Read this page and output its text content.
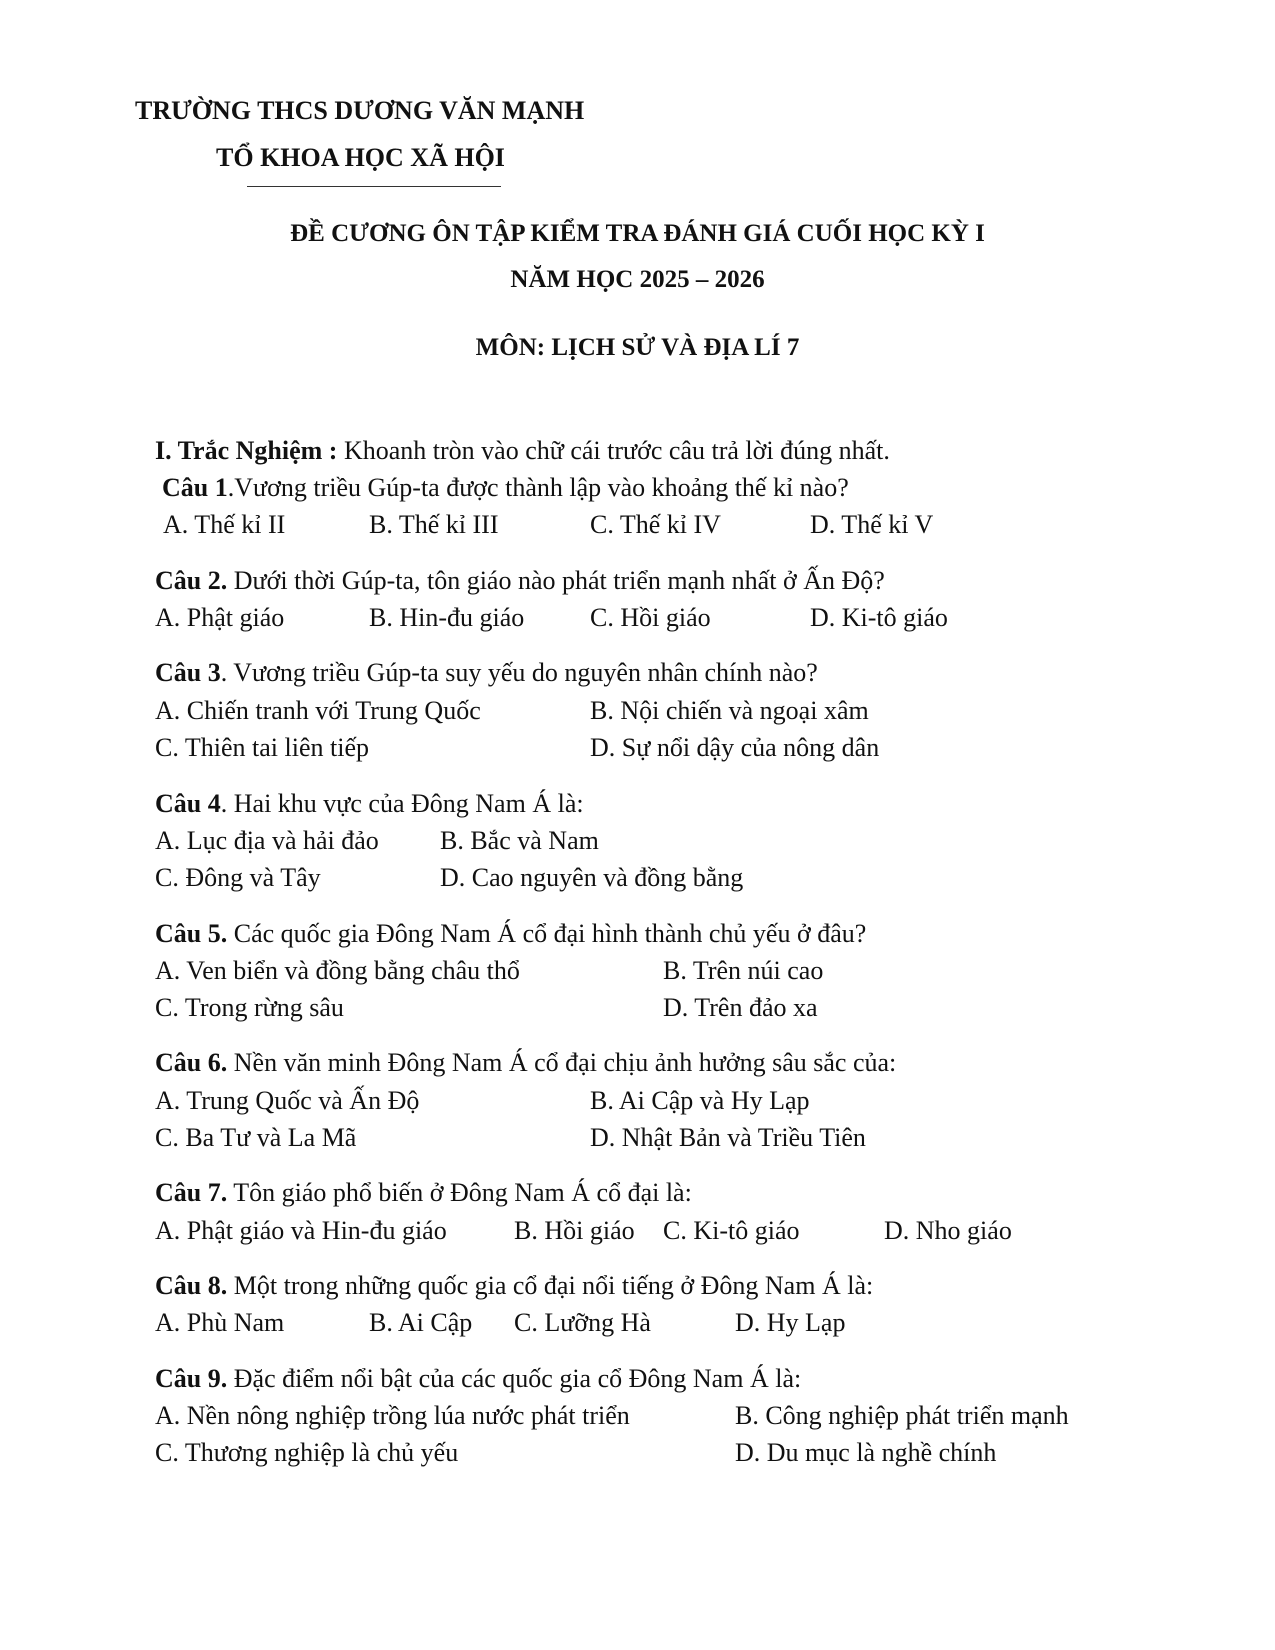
TRƯỜNG THCS DƯƠNG VĂN MẠNH
TỔ KHOA HỌC XÃ HỘI
ĐỀ CƯƠNG ÔN TẬP KIỂM TRA ĐÁNH GIÁ CUỐI HỌC KỲ I
NĂM HỌC 2025 – 2026
MÔN: LỊCH SỬ VÀ ĐỊA LÍ 7
I. Trắc Nghiệm : Khoanh tròn vào chữ cái trước câu trả lời đúng nhất.
Câu 1.Vương triều Gúp-ta được thành lập vào khoảng thế kỉ nào?
A. Thế kỉ II	B. Thế kỉ III	C. Thế kỉ IV	D. Thế kỉ V
Câu 2. Dưới thời Gúp-ta, tôn giáo nào phát triển mạnh nhất ở Ấn Độ?
A. Phật giáo	B. Hin-đu giáo	C. Hồi giáo	D. Ki-tô giáo
Câu 3. Vương triều Gúp-ta suy yếu do nguyên nhân chính nào?
A. Chiến tranh với Trung Quốc	B. Nội chiến và ngoại xâm
C. Thiên tai liên tiếp	D. Sự nổi dậy của nông dân
Câu 4. Hai khu vực của Đông Nam Á là:
A. Lục địa và hải đảo B. Bắc và Nam
C. Đông và Tây	D. Cao nguyên và đồng bằng
Câu 5. Các quốc gia Đông Nam Á cổ đại hình thành chủ yếu ở đâu?
A. Ven biển và đồng bằng châu thổ	B. Trên núi cao
C. Trong rừng sâu	D. Trên đảo xa
Câu 6. Nền văn minh Đông Nam Á cổ đại chịu ảnh hưởng sâu sắc của:
A. Trung Quốc và Ấn Độ	B. Ai Cập và Hy Lạp
C. Ba Tư và La Mã	D. Nhật Bản và Triều Tiên
Câu 7. Tôn giáo phổ biến ở Đông Nam Á cổ đại là:
A. Phật giáo và Hin-đu giáo	B. Hồi giáo C. Ki-tô giáo	D. Nho giáo
Câu 8. Một trong những quốc gia cổ đại nổi tiếng ở Đông Nam Á là:
A. Phù Nam	B. Ai Cập C. Lưỡng Hà	D. Hy Lạp
Câu 9. Đặc điểm nổi bật của các quốc gia cổ Đông Nam Á là:
A. Nền nông nghiệp trồng lúa nước phát triển	B. Công nghiệp phát triển mạnh
C. Thương nghiệp là chủ yếu	D. Du mục là nghề chính
